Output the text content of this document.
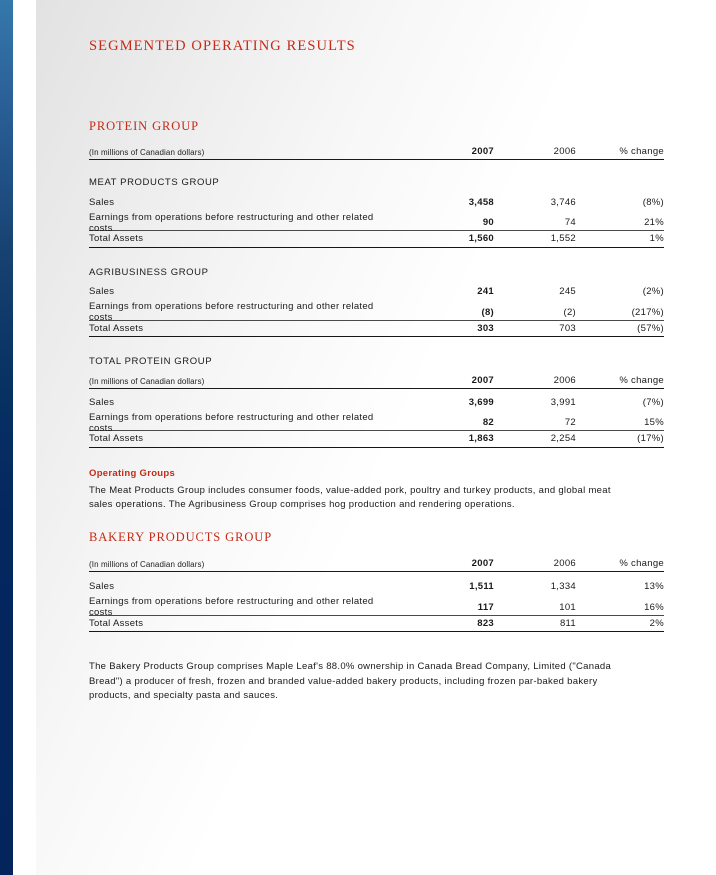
SEGMENTED OPERATING RESULTS
PROTEIN GROUP
(In millions of Canadian dollars)	2007	2006	% change
MEAT PRODUCTS GROUP
Sales	3,458	3,746	(8%)
Earnings from operations before restructuring and other related costs	90	74	21%
Total Assets	1,560	1,552	1%
AGRIBUSINESS GROUP
Sales	241	245	(2%)
Earnings from operations before restructuring and other related costs	(8)	(2)	(217%)
Total Assets	303	703	(57%)
TOTAL PROTEIN GROUP
(In millions of Canadian dollars)	2007	2006	% change
Sales	3,699	3,991	(7%)
Earnings from operations before restructuring and other related costs	82	72	15%
Total Assets	1,863	2,254	(17%)
Operating Groups
The Meat Products Group includes consumer foods, value-added pork, poultry and turkey products, and global meat sales operations. The Agribusiness Group comprises hog production and rendering operations.
BAKERY PRODUCTS GROUP
(In millions of Canadian dollars)	2007	2006	% change
Sales	1,511	1,334	13%
Earnings from operations before restructuring and other related costs	117	101	16%
Total Assets	823	811	2%
The Bakery Products Group comprises Maple Leaf's 88.0% ownership in Canada Bread Company, Limited ("Canada Bread") a producer of fresh, frozen and branded value-added bakery products, including frozen par-baked bakery products, and specialty pasta and sauces.
